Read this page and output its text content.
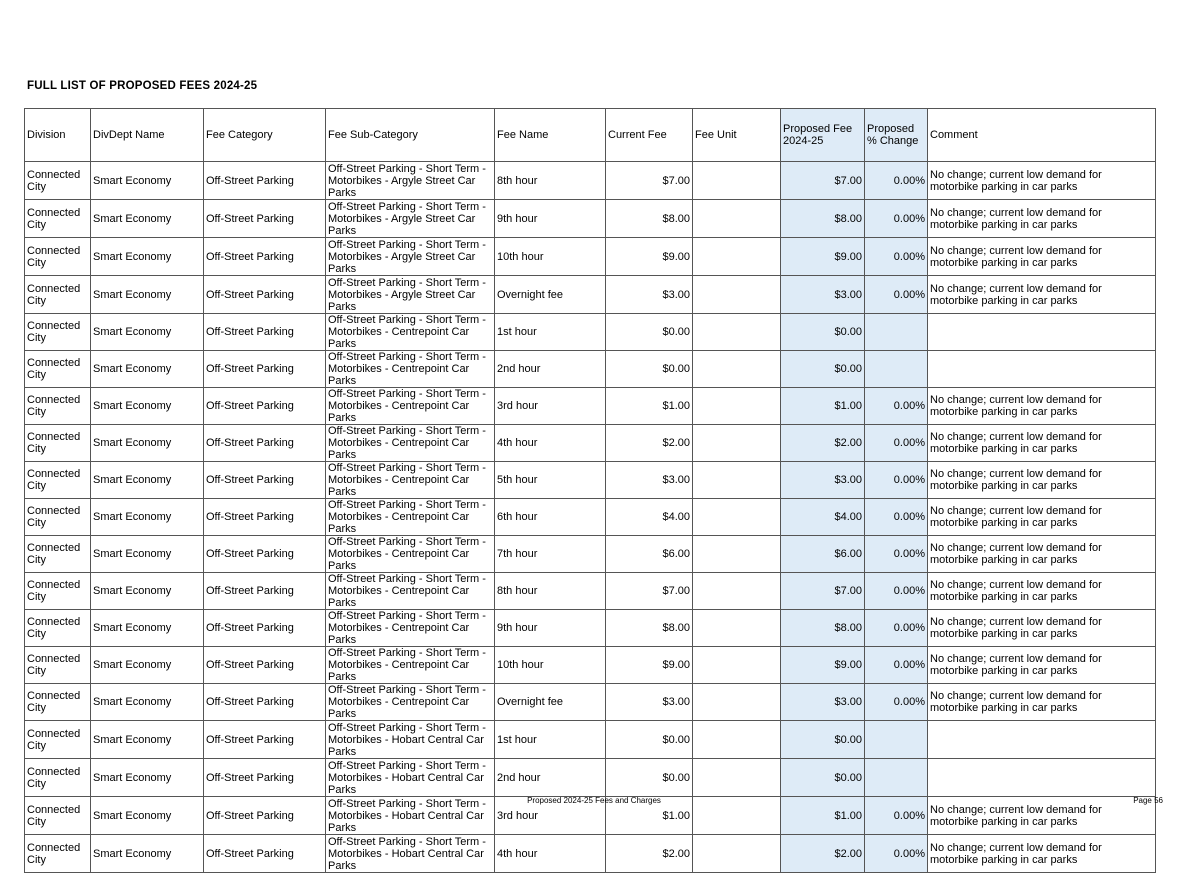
FULL LIST OF PROPOSED FEES 2024-25
Division	DivDept Name	Fee Category	Fee Sub-Category	Fee Name	Current Fee	Fee Unit	Proposed Fee 2024-25	Proposed % Change	Comment
Connected City	Smart Economy	Off-Street Parking	Off-Street Parking - Short Term - Motorbikes - Argyle Street Car Parks	8th hour	$7.00		$7.00	0.00%	No change; current low demand for motorbike parking in car parks
Connected City	Smart Economy	Off-Street Parking	Off-Street Parking - Short Term - Motorbikes - Argyle Street Car Parks	9th hour	$8.00		$8.00	0.00%	No change; current low demand for motorbike parking in car parks
Connected City	Smart Economy	Off-Street Parking	Off-Street Parking - Short Term - Motorbikes - Argyle Street Car Parks	10th hour	$9.00		$9.00	0.00%	No change; current low demand for motorbike parking in car parks
Connected City	Smart Economy	Off-Street Parking	Off-Street Parking - Short Term - Motorbikes - Argyle Street Car Parks	Overnight fee	$3.00		$3.00	0.00%	No change; current low demand for motorbike parking in car parks
Connected City	Smart Economy	Off-Street Parking	Off-Street Parking - Short Term - Motorbikes - Centrepoint Car Parks	1st hour	$0.00		$0.00		
Connected City	Smart Economy	Off-Street Parking	Off-Street Parking - Short Term - Motorbikes - Centrepoint Car Parks	2nd hour	$0.00		$0.00		
Connected City	Smart Economy	Off-Street Parking	Off-Street Parking - Short Term - Motorbikes - Centrepoint Car Parks	3rd hour	$1.00		$1.00	0.00%	No change; current low demand for motorbike parking in car parks
Connected City	Smart Economy	Off-Street Parking	Off-Street Parking - Short Term - Motorbikes - Centrepoint Car Parks	4th hour	$2.00		$2.00	0.00%	No change; current low demand for motorbike parking in car parks
Connected City	Smart Economy	Off-Street Parking	Off-Street Parking - Short Term - Motorbikes - Centrepoint Car Parks	5th hour	$3.00		$3.00	0.00%	No change; current low demand for motorbike parking in car parks
Connected City	Smart Economy	Off-Street Parking	Off-Street Parking - Short Term - Motorbikes - Centrepoint Car Parks	6th hour	$4.00		$4.00	0.00%	No change; current low demand for motorbike parking in car parks
Connected City	Smart Economy	Off-Street Parking	Off-Street Parking - Short Term - Motorbikes - Centrepoint Car Parks	7th hour	$6.00		$6.00	0.00%	No change; current low demand for motorbike parking in car parks
Connected City	Smart Economy	Off-Street Parking	Off-Street Parking - Short Term - Motorbikes - Centrepoint Car Parks	8th hour	$7.00		$7.00	0.00%	No change; current low demand for motorbike parking in car parks
Connected City	Smart Economy	Off-Street Parking	Off-Street Parking - Short Term - Motorbikes - Centrepoint Car Parks	9th hour	$8.00		$8.00	0.00%	No change; current low demand for motorbike parking in car parks
Connected City	Smart Economy	Off-Street Parking	Off-Street Parking - Short Term - Motorbikes - Centrepoint Car Parks	10th hour	$9.00		$9.00	0.00%	No change; current low demand for motorbike parking in car parks
Connected City	Smart Economy	Off-Street Parking	Off-Street Parking - Short Term - Motorbikes - Centrepoint Car Parks	Overnight fee	$3.00		$3.00	0.00%	No change; current low demand for motorbike parking in car parks
Connected City	Smart Economy	Off-Street Parking	Off-Street Parking - Short Term - Motorbikes - Hobart Central Car Parks	1st hour	$0.00		$0.00		
Connected City	Smart Economy	Off-Street Parking	Off-Street Parking - Short Term - Motorbikes - Hobart Central Car Parks	2nd hour	$0.00		$0.00		
Connected City	Smart Economy	Off-Street Parking	Off-Street Parking - Short Term - Motorbikes - Hobart Central Car Parks	3rd hour	$1.00		$1.00	0.00%	No change; current low demand for motorbike parking in car parks
Connected City	Smart Economy	Off-Street Parking	Off-Street Parking - Short Term - Motorbikes - Hobart Central Car Parks	4th hour	$2.00		$2.00	0.00%	No change; current low demand for motorbike parking in car parks
Proposed 2024-25 Fees and Charges	Page 56
